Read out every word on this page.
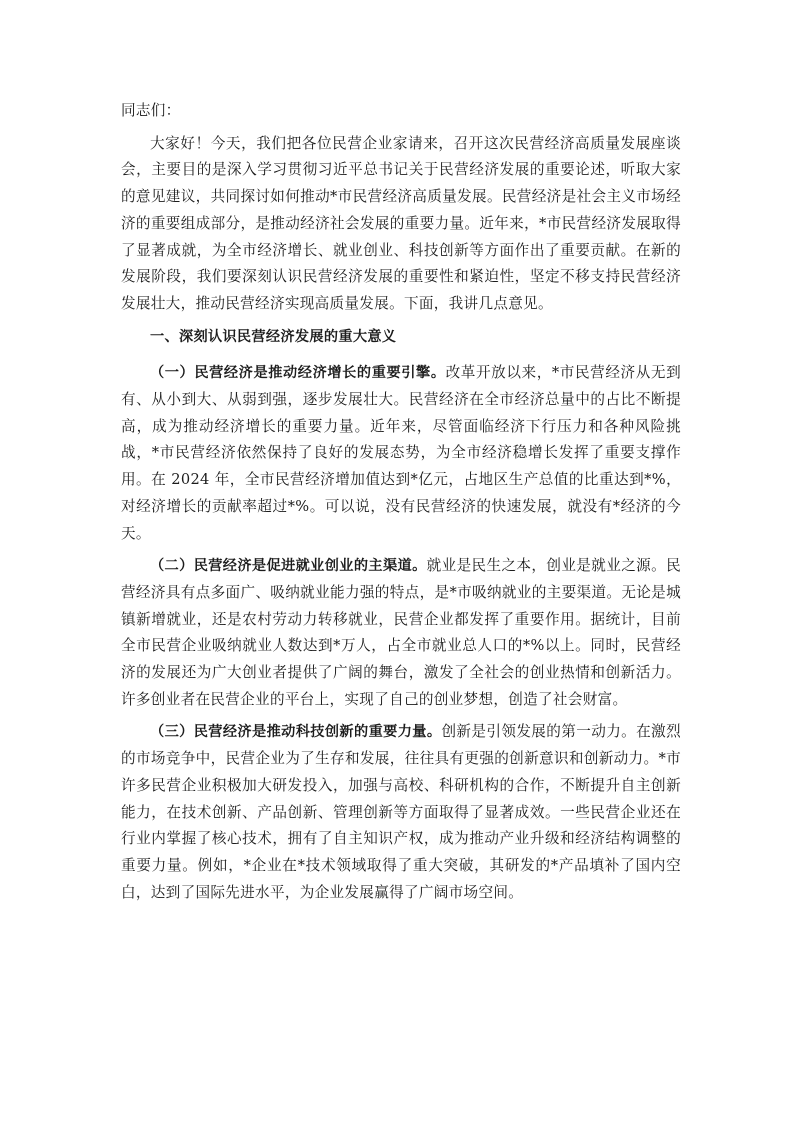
同志们：

大家好！今天，我们把各位民营企业家请来，召开这次民营经济高质量发展座谈会，主要目的是深入学习贯彻习近平总书记关于民营经济发展的重要论述，听取大家的意见建议，共同探讨如何推动*市民营经济高质量发展。民营经济是社会主义市场经济的重要组成部分，是推动经济社会发展的重要力量。近年来，*市民营经济发展取得了显著成就，为全市经济增长、就业创业、科技创新等方面作出了重要贡献。在新的发展阶段，我们要深刻认识民营经济发展的重要性和紧迫性，坚定不移支持民营经济发展壮大，推动民营经济实现高质量发展。下面，我讲几点意见。

一、深刻认识民营经济发展的重大意义

（一）民营经济是推动经济增长的重要引擎。改革开放以来，*市民营经济从无到有、从小到大、从弱到强，逐步发展壮大。民营经济在全市经济总量中的占比不断提高，成为推动经济增长的重要力量。近年来，尽管面临经济下行压力和各种风险挑战，*市民营经济依然保持了良好的发展态势，为全市经济稳增长发挥了重要支撑作用。在 2024 年，全市民营经济增加值达到*亿元，占地区生产总值的比重达到*%，对经济增长的贡献率超过*%。可以说，没有民营经济的快速发展，就没有*经济的今天。

（二）民营经济是促进就业创业的主渠道。就业是民生之本，创业是就业之源。民营经济具有点多面广、吸纳就业能力强的特点，是*市吸纳就业的主要渠道。无论是城镇新增就业，还是农村劳动力转移就业，民营企业都发挥了重要作用。据统计，目前全市民营企业吸纳就业人数达到*万人，占全市就业总人口的*%以上。同时，民营经济的发展还为广大创业者提供了广阔的舞台，激发了全社会的创业热情和创新活力。许多创业者在民营企业的平台上，实现了自己的创业梦想，创造了社会财富。

（三）民营经济是推动科技创新的重要力量。创新是引领发展的第一动力。在激烈的市场竞争中，民营企业为了生存和发展，往往具有更强的创新意识和创新动力。*市许多民营企业积极加大研发投入，加强与高校、科研机构的合作，不断提升自主创新能力，在技术创新、产品创新、管理创新等方面取得了显著成效。一些民营企业还在行业内掌握了核心技术，拥有了自主知识产权，成为推动产业升级和经济结构调整的重要力量。例如，*企业在*技术领域取得了重大突破，其研发的*产品填补了国内空白，达到了国际先进水平，为企业发展赢得了广阔市场空间。
